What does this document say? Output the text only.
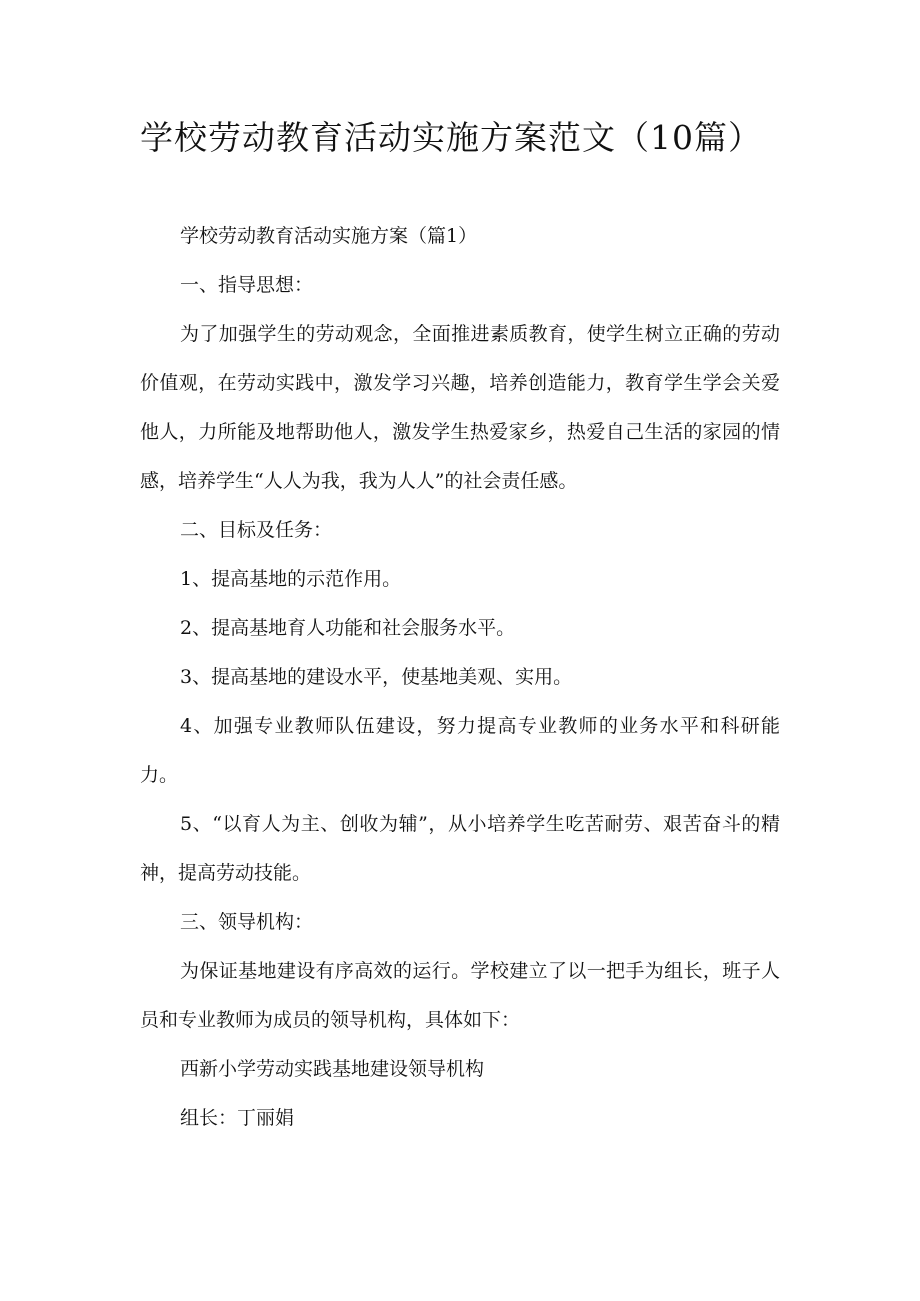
学校劳动教育活动实施方案范文（10篇）

学校劳动教育活动实施方案（篇1）

一、指导思想：

为了加强学生的劳动观念，全面推进素质教育，使学生树立正确的劳动价值观，在劳动实践中，激发学习兴趣，培养创造能力，教育学生学会关爱他人，力所能及地帮助他人，激发学生热爱家乡，热爱自己生活的家园的情感，培养学生“人人为我，我为人人”的社会责任感。

二、目标及任务：

1、提高基地的示范作用。

2、提高基地育人功能和社会服务水平。

3、提高基地的建设水平，使基地美观、实用。

4、加强专业教师队伍建设，努力提高专业教师的业务水平和科研能力。

5、“以育人为主、创收为辅”，从小培养学生吃苦耐劳、艰苦奋斗的精神，提高劳动技能。

三、领导机构：

为保证基地建设有序高效的运行。学校建立了以一把手为组长，班子人员和专业教师为成员的领导机构，具体如下：

西新小学劳动实践基地建设领导机构

组长：丁丽娟
